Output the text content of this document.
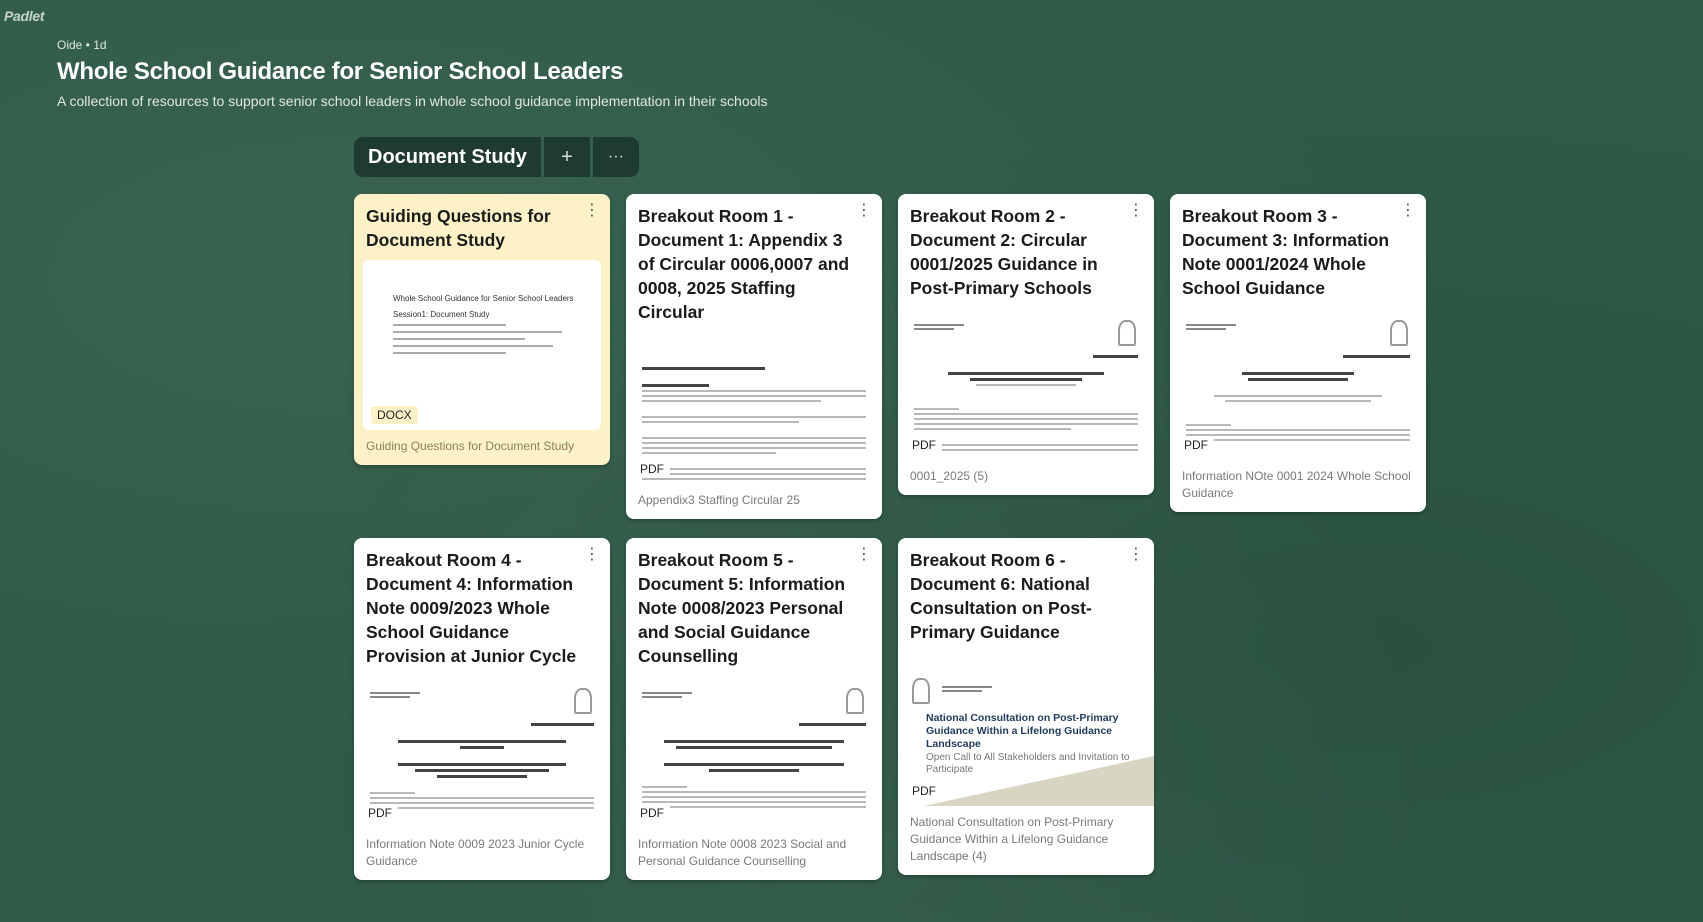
Padlet
Oide • 1d
Whole School Guidance for Senior School Leaders
A collection of resources to support senior school leaders in whole school guidance implementation in their schools
Document Study	+	···
⋮
Guiding Questions for Document Study
Whole School Guidance for Senior School Leaders
Session1: Document Study
DOCX
Guiding Questions for Document Study
⋮
Breakout Room 1 - Document 1: Appendix 3 of Circular 0006,0007 and 0008, 2025 Staffing Circular
PDF
Appendix3 Staffing Circular 25
⋮
Breakout Room 2 - Document 2: Circular 0001/2025 Guidance in Post-Primary Schools
PDF
0001_2025 (5)
⋮
Breakout Room 3 - Document 3: Information Note 0001/2024 Whole School Guidance
PDF
Information NOte 0001 2024 Whole School Guidance
⋮
Breakout Room 4 - Document 4: Information Note 0009/2023 Whole School Guidance Provision at Junior Cycle
PDF
Information Note 0009 2023 Junior Cycle Guidance
⋮
Breakout Room 5 - Document 5: Information Note 0008/2023 Personal and Social Guidance Counselling
PDF
Information Note 0008 2023 Social and Personal Guidance Counselling
⋮
Breakout Room 6 - Document 6: National Consultation on Post-Primary Guidance
National Consultation on Post-Primary Guidance Within a Lifelong Guidance Landscape
Open Call to All Stakeholders and Invitation to Participate
PDF
National Consultation on Post-Primary Guidance Within a Lifelong Guidance Landscape (4)
